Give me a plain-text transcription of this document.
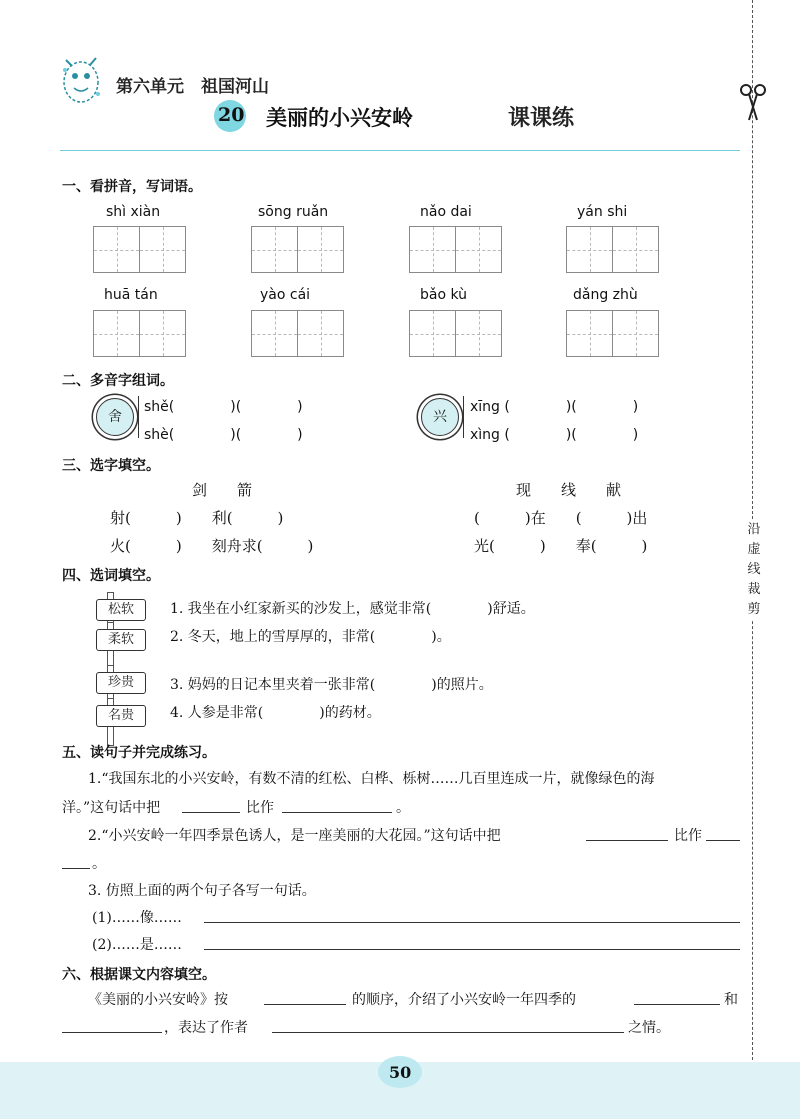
第六单元　祖国河山
20 美丽的小兴安岭	课课练
沿
虚
线
裁
剪
一、看拼音，写词语。
shì xiàn	sōng ruǎn	nǎo dai	yán shi
huā tán	yào cái	bǎo kù	dǎng zhù
二、多音字组词。
舍
shě(　　　　)(　　　　)
shè(　　　　)(　　　　)
兴
xīng (　　　　)(　　　　)
xìng (　　　　)(　　　　)
三、选字填空。
剑　　箭	现　　线　　献
射(　　　)　　利(　　　)
火(　　　)　　刻舟求(　　　)
(　　　)在　　(　　　)出
光(　　　)　　奉(　　　)
四、选词填空。
松软
柔软
1. 我坐在小红家新买的沙发上，感觉非常(　　　　)舒适。
2. 冬天，地上的雪厚厚的，非常(　　　　)。
珍贵
名贵
3. 妈妈的日记本里夹着一张非常(　　　　)的照片。
4. 人参是非常(　　　　)的药材。
五、读句子并完成练习。
1.“我国东北的小兴安岭，有数不清的红松、白桦、栎树……几百里连成一片，就像绿色的海
洋。”这句话中把	比作	。
2.“小兴安岭一年四季景色诱人，是一座美丽的大花园。”这句话中把	比作
。
3. 仿照上面的两个句子各写一句话。
(1)……像……
(2)……是……
六、根据课文内容填空。
《美丽的小兴安岭》按	的顺序，介绍了小兴安岭一年四季的	和
，表达了作者	之情。
50
